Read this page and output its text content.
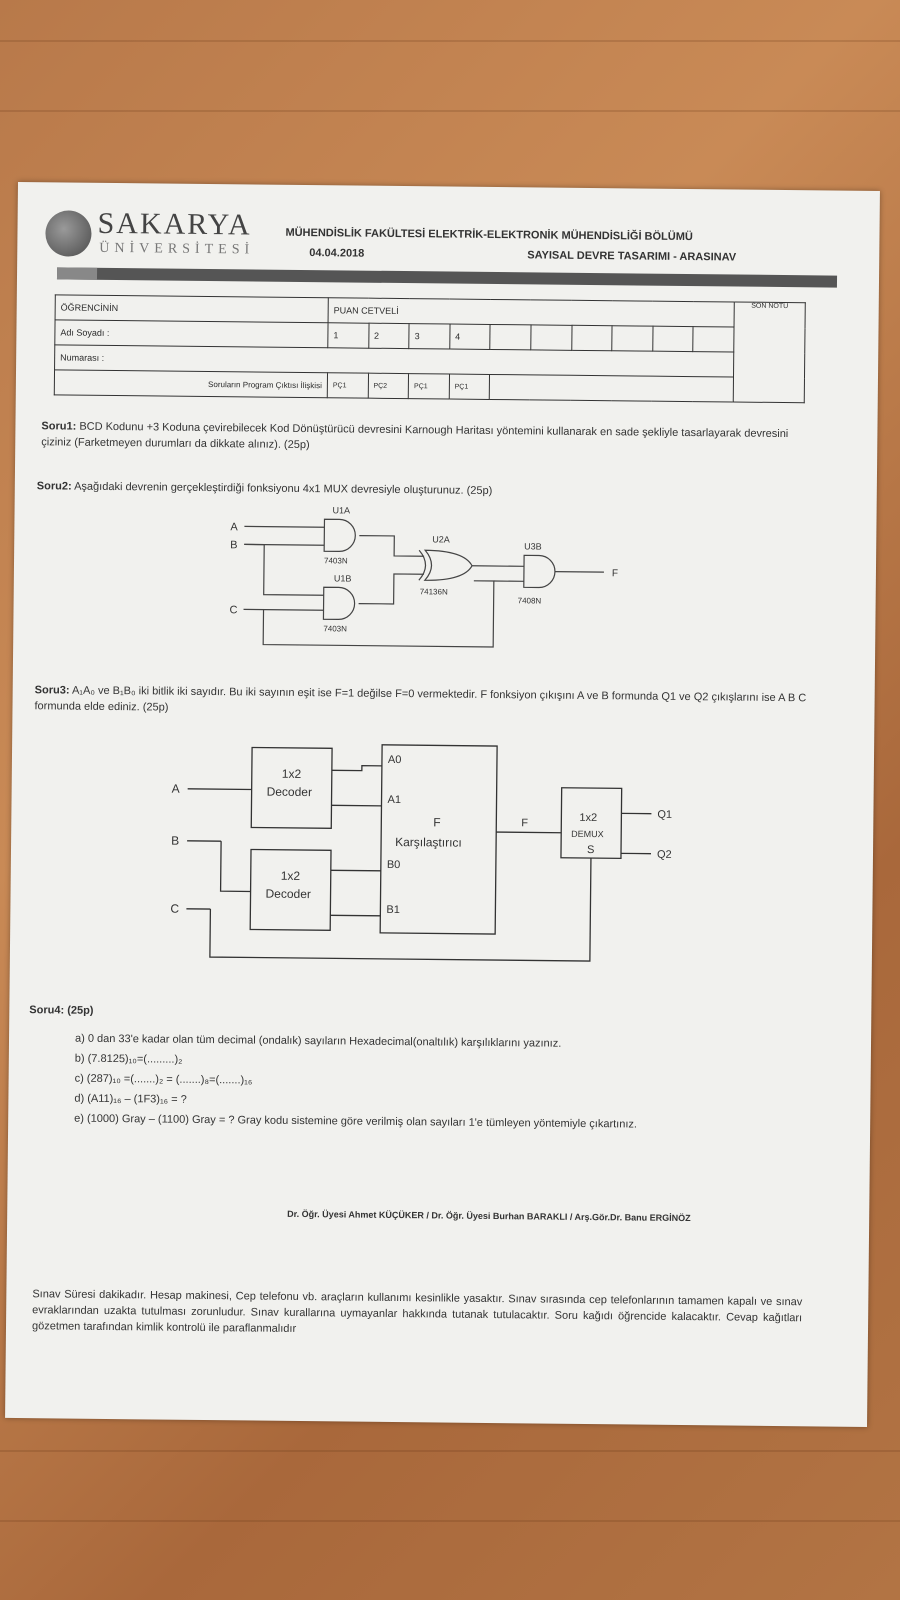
SAKARYA
ÜNİVERSİTESİ
MÜHENDİSLİK FAKÜLTESİ ELEKTRİK-ELEKTRONİK MÜHENDİSLİĞİ BÖLÜMÜ
04.04.2018	SAYISAL DEVRE TASARIMI - ARASINAV
ÖĞRENCİNİN	PUAN CETVELİ										SON NOTU
Adı Soyadı :	1	2	3	4							
Numarası :											
Soruların Program Çıktısı İlişkisi	PÇ1	PÇ2	PÇ1	PÇ1							
Soru1: BCD Kodunu +3 Koduna çevirebilecek Kod Dönüştürücü devresini Karnough Haritası yöntemini kullanarak en sade şekliyle tasarlayarak devresini çiziniz (Farketmeyen durumları da dikkate alınız). (25p)
Soru2: Aşağıdaki devrenin gerçekleştirdiği fonksiyonu 4x1 MUX devresiyle oluşturunuz. (25p)
A
B
C
U1A
7403N
U1B
7403N
U2A
74136N
U3B
7408N
F
Soru3: A₁A₀ ve B₁B₀ iki bitlik iki sayıdır. Bu iki sayının eşit ise F=1 değilse F=0 vermektedir. F fonksiyon çıkışını A ve B formunda Q1 ve Q2 çıkışlarını ise A B C formunda elde ediniz. (25p)
A
B
C
1x2
Decoder
1x2
Decoder
A0
A1
B0
B1
F
Karşılaştırıcı
F	1x2
DEMUX
S
Q1
Q2
Soru4: (25p)
a) 0 dan 33'e kadar olan tüm decimal (ondalık) sayıların Hexadecimal(onaltılık) karşılıklarını yazınız.
b) (7.8125)₁₀=(.........)₂
c) (287)₁₀ =(.......)₂ = (.......)₈=(.......)₁₆
d) (A11)₁₆ – (1F3)₁₆ = ?
e) (1000) Gray – (1100) Gray = ? Gray kodu sistemine göre verilmiş olan sayıları 1'e tümleyen yöntemiyle çıkartınız.
Dr. Öğr. Üyesi Ahmet KÜÇÜKER / Dr. Öğr. Üyesi Burhan BARAKLI / Arş.Gör.Dr. Banu ERGİNÖZ
Sınav Süresi dakikadır. Hesap makinesi, Cep telefonu vb. araçların kullanımı kesinlikle yasaktır. Sınav sırasında cep telefonlarının tamamen kapalı ve sınav evraklarından uzakta tutulması zorunludur. Sınav kurallarına uymayanlar hakkında tutanak tutulacaktır. Soru kağıdı öğrencide kalacaktır. Cevap kağıtları gözetmen tarafından kimlik kontrolü ile paraflanmalıdır
